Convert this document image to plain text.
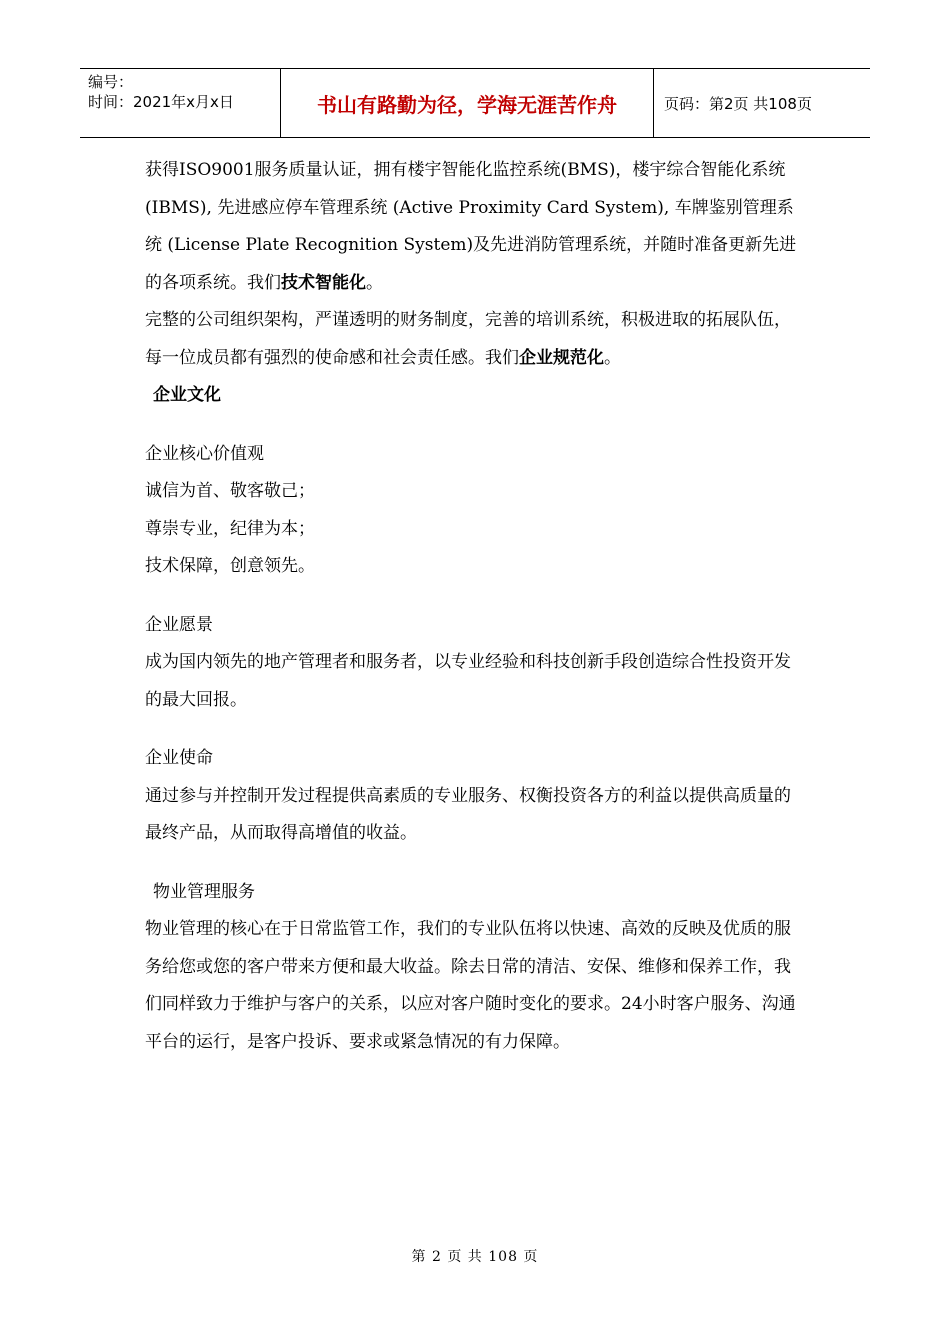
编号：
时间：2021年x月x日	书山有路勤为径，学海无涯苦作舟	页码：第2页 共108页

获得ISO9001服务质量认证，拥有楼宇智能化监控系统(BMS)，楼宇综合智能化系统 (IBMS), 先进感应停车管理系统 (Active Proximity Card System), 车牌鉴别管理系统 (License Plate Recognition System)及先进消防管理系统，并随时准备更新先进的各项系统。我们技术智能化。

完整的公司组织架构，严谨透明的财务制度，完善的培训系统，积极进取的拓展队伍，每一位成员都有强烈的使命感和社会责任感。我们企业规范化。

企业文化

企业核心价值观

诚信为首、敬客敬己；

尊崇专业，纪律为本；

技术保障，创意领先。

企业愿景

成为国内领先的地产管理者和服务者，以专业经验和科技创新手段创造综合性投资开发的最大回报。

企业使命

通过参与并控制开发过程提供高素质的专业服务、权衡投资各方的利益以提供高质量的最终产品，从而取得高增值的收益。

物业管理服务

物业管理的核心在于日常监管工作，我们的专业队伍将以快速、高效的反映及优质的服务给您或您的客户带来方便和最大收益。除去日常的清洁、安保、维修和保养工作，我们同样致力于维护与客户的关系，以应对客户随时变化的要求。24小时客户服务、沟通平台的运行，是客户投诉、要求或紧急情况的有力保障。

第 2 页 共 108 页
